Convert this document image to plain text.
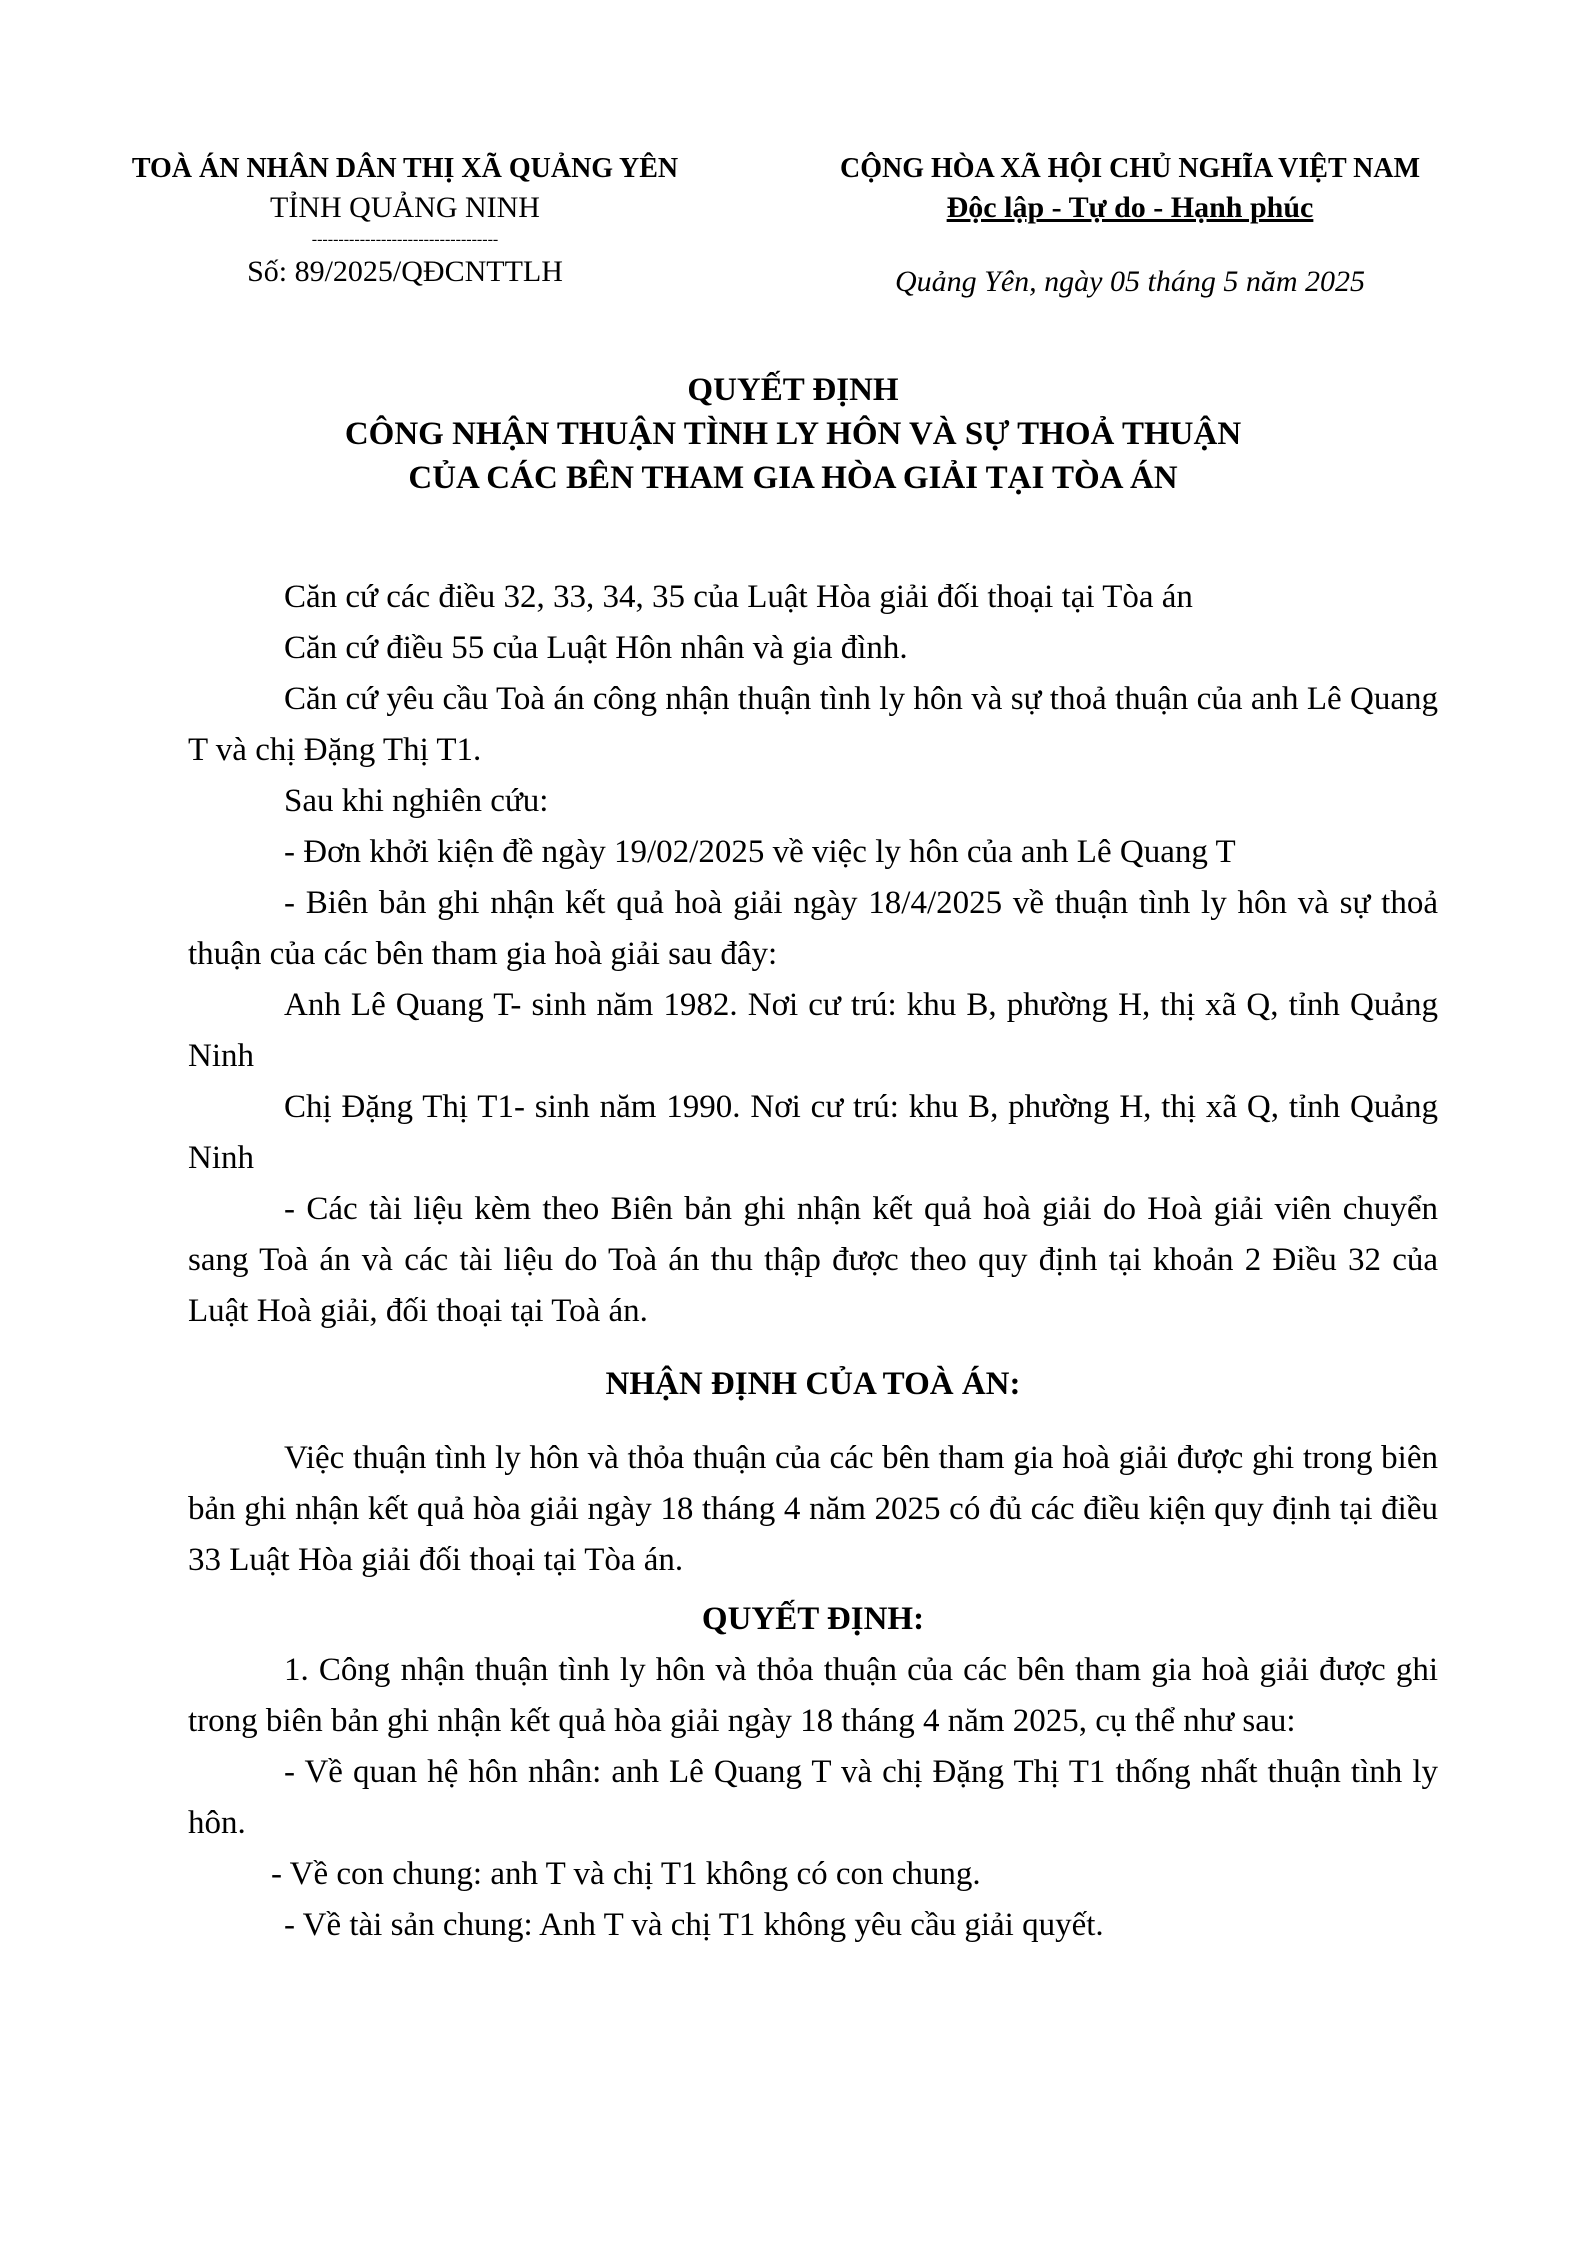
TOÀ ÁN NHÂN DÂN THỊ XÃ QUẢNG YÊN
TỈNH QUẢNG NINH
-----------------------------------
Số: 89/2025/QĐCNTTLH
CỘNG HÒA XÃ HỘI CHỦ NGHĨA VIỆT NAM
Độc lập - Tự do - Hạnh phúc
Quảng Yên, ngày 05 tháng 5 năm 2025
QUYẾT ĐỊNH
CÔNG NHẬN THUẬN TÌNH LY HÔN VÀ SỰ THOẢ THUẬN
CỦA CÁC BÊN THAM GIA HÒA GIẢI TẠI TÒA ÁN

Căn cứ các điều 32, 33, 34, 35 của Luật Hòa giải đối thoại tại Tòa án

Căn cứ điều 55 của Luật Hôn nhân và gia đình.

Căn cứ yêu cầu Toà án công nhận thuận tình ly hôn và sự thoả thuận của anh Lê Quang T và chị Đặng Thị T1.

Sau khi nghiên cứu:

- Đơn khởi kiện đề ngày 19/02/2025 về việc ly hôn của anh Lê Quang T

- Biên bản ghi nhận kết quả hoà giải ngày 18/4/2025 về thuận tình ly hôn và sự thoả thuận của các bên tham gia hoà giải sau đây:

Anh Lê Quang T- sinh năm 1982. Nơi cư trú: khu B, phường H, thị xã Q, tỉnh Quảng Ninh

Chị Đặng Thị T1- sinh năm 1990. Nơi cư trú: khu B, phường H, thị xã Q, tỉnh Quảng Ninh

- Các tài liệu kèm theo Biên bản ghi nhận kết quả hoà giải do Hoà giải viên chuyển sang Toà án và các tài liệu do Toà án thu thập được theo quy định tại khoản 2 Điều 32 của Luật Hoà giải, đối thoại tại Toà án.

NHẬN ĐỊNH CỦA TOÀ ÁN:

Việc thuận tình ly hôn và thỏa thuận của các bên tham gia hoà giải được ghi trong biên bản ghi nhận kết quả hòa giải ngày 18 tháng 4 năm 2025 có đủ các điều kiện quy định tại điều 33 Luật Hòa giải đối thoại tại Tòa án.

QUYẾT ĐỊNH:

1. Công nhận thuận tình ly hôn và thỏa thuận của các bên tham gia hoà giải được ghi trong biên bản ghi nhận kết quả hòa giải ngày 18 tháng 4 năm 2025, cụ thể như sau:

- Về quan hệ hôn nhân: anh Lê Quang T và chị Đặng Thị T1 thống nhất thuận tình ly hôn.

- Về con chung: anh T và chị T1 không có con chung.

- Về tài sản chung: Anh T và chị T1 không yêu cầu giải quyết.
